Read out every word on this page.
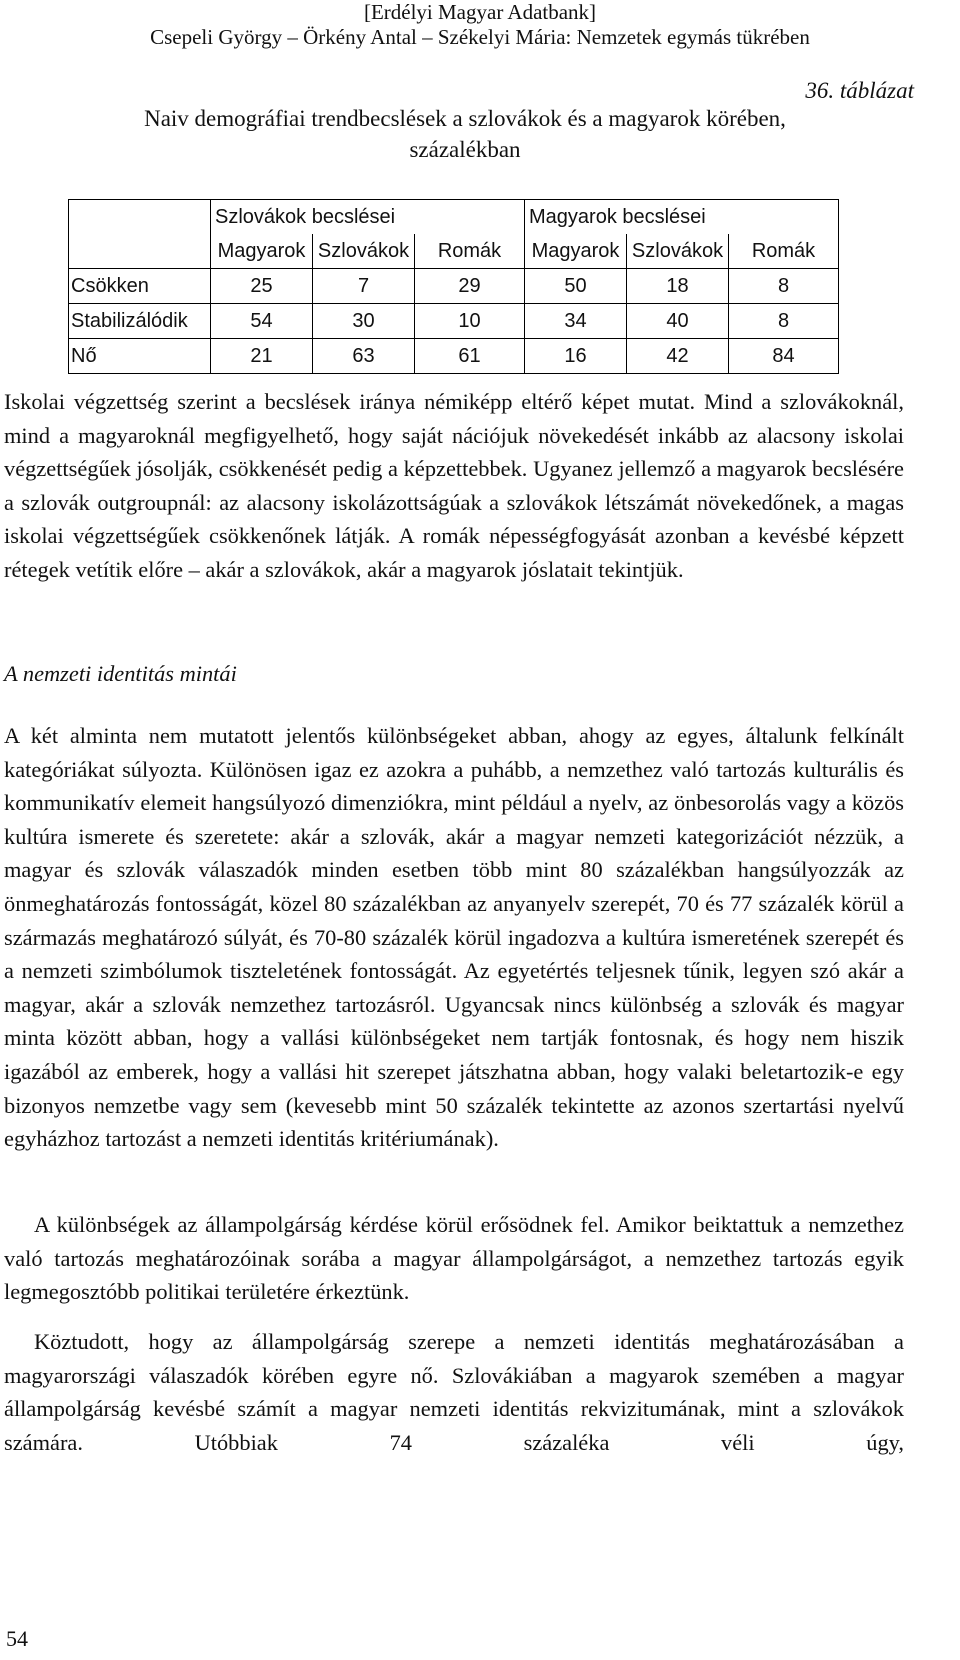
[Erdélyi Magyar Adatbank]
Csepeli György – Örkény Antal – Székelyi Mária: Nemzetek egymás tükrében
36. táblázat
Naiv demográfiai trendbecslések a szlovákok és a magyarok körében, százalékban
	Szlovákok becslései			Magyarok becslései		
	Magyarok	Szlovákok	Romák	Magyarok	Szlovákok	Romák
Csökken	25	7	29	50	18	8
Stabilizálódik	54	30	10	34	40	8
Nő	21	63	61	16	42	84
Iskolai végzettség szerint a becslések iránya némiképp eltérő képet mutat. Mind a szlovákoknál, mind a magyaroknál megfigyelhető, hogy saját nációjuk növekedését inkább az alacsony iskolai végzettségűek jósolják, csökkenését pedig a képzettebbek. Ugyanez jellemző a magyarok becslésére a szlovák outgroupnál: az alacsony iskolázottságúak a szlovákok létszámát növekedőnek, a magas iskolai végzettségűek csökkenőnek látják. A romák népességfogyását azonban a kevésbé képzett rétegek vetítik előre – akár a szlovákok, akár a magyarok jóslatait tekintjük.
A nemzeti identitás mintái
A két alminta nem mutatott jelentős különbségeket abban, ahogy az egyes, általunk felkínált kategóriákat súlyozta. Különösen igaz ez azokra a puhább, a nemzethez való tartozás kulturális és kommunikatív elemeit hangsúlyozó dimenziókra, mint például a nyelv, az önbesorolás vagy a közös kultúra ismerete és szeretete: akár a szlovák, akár a magyar nemzeti kategorizációt nézzük, a magyar és szlovák válaszadók minden esetben több mint 80 százalékban hangsúlyozzák az önmeghatározás fontosságát, közel 80 százalékban az anyanyelv szerepét, 70 és 77 százalék körül a származás meghatározó súlyát, és 70-80 százalék körül ingadozva a kultúra ismeretének szerepét és a nemzeti szimbólumok tiszteletének fontosságát. Az egyetértés teljesnek tűnik, legyen szó akár a magyar, akár a szlovák nemzethez tartozásról. Ugyancsak nincs különbség a szlovák és magyar minta között abban, hogy a vallási különbségeket nem tartják fontosnak, és hogy nem hiszik igazából az emberek, hogy a vallási hit szerepet játszhatna abban, hogy valaki beletartozik-e egy bizonyos nemzetbe vagy sem (kevesebb mint 50 százalék tekintette az azonos szertartási nyelvű egyházhoz tartozást a nemzeti identitás kritériumának).
A különbségek az állampolgárság kérdése körül erősödnek fel. Amikor beiktattuk a nemzethez való tartozás meghatározóinak sorába a magyar állampolgárságot, a nemzethez tartozás egyik legmegosztóbb politikai területére érkeztünk.
Köztudott, hogy az állampolgárság szerepe a nemzeti identitás meghatározásában a magyarországi válaszadók körében egyre nő. Szlovákiában a magyarok szemében a magyar állampolgárság kevésbé számít a magyar nemzeti identitás rekvizitumának, mint a szlovákok számára. Utóbbiak 74 százaléka véli úgy,
54
